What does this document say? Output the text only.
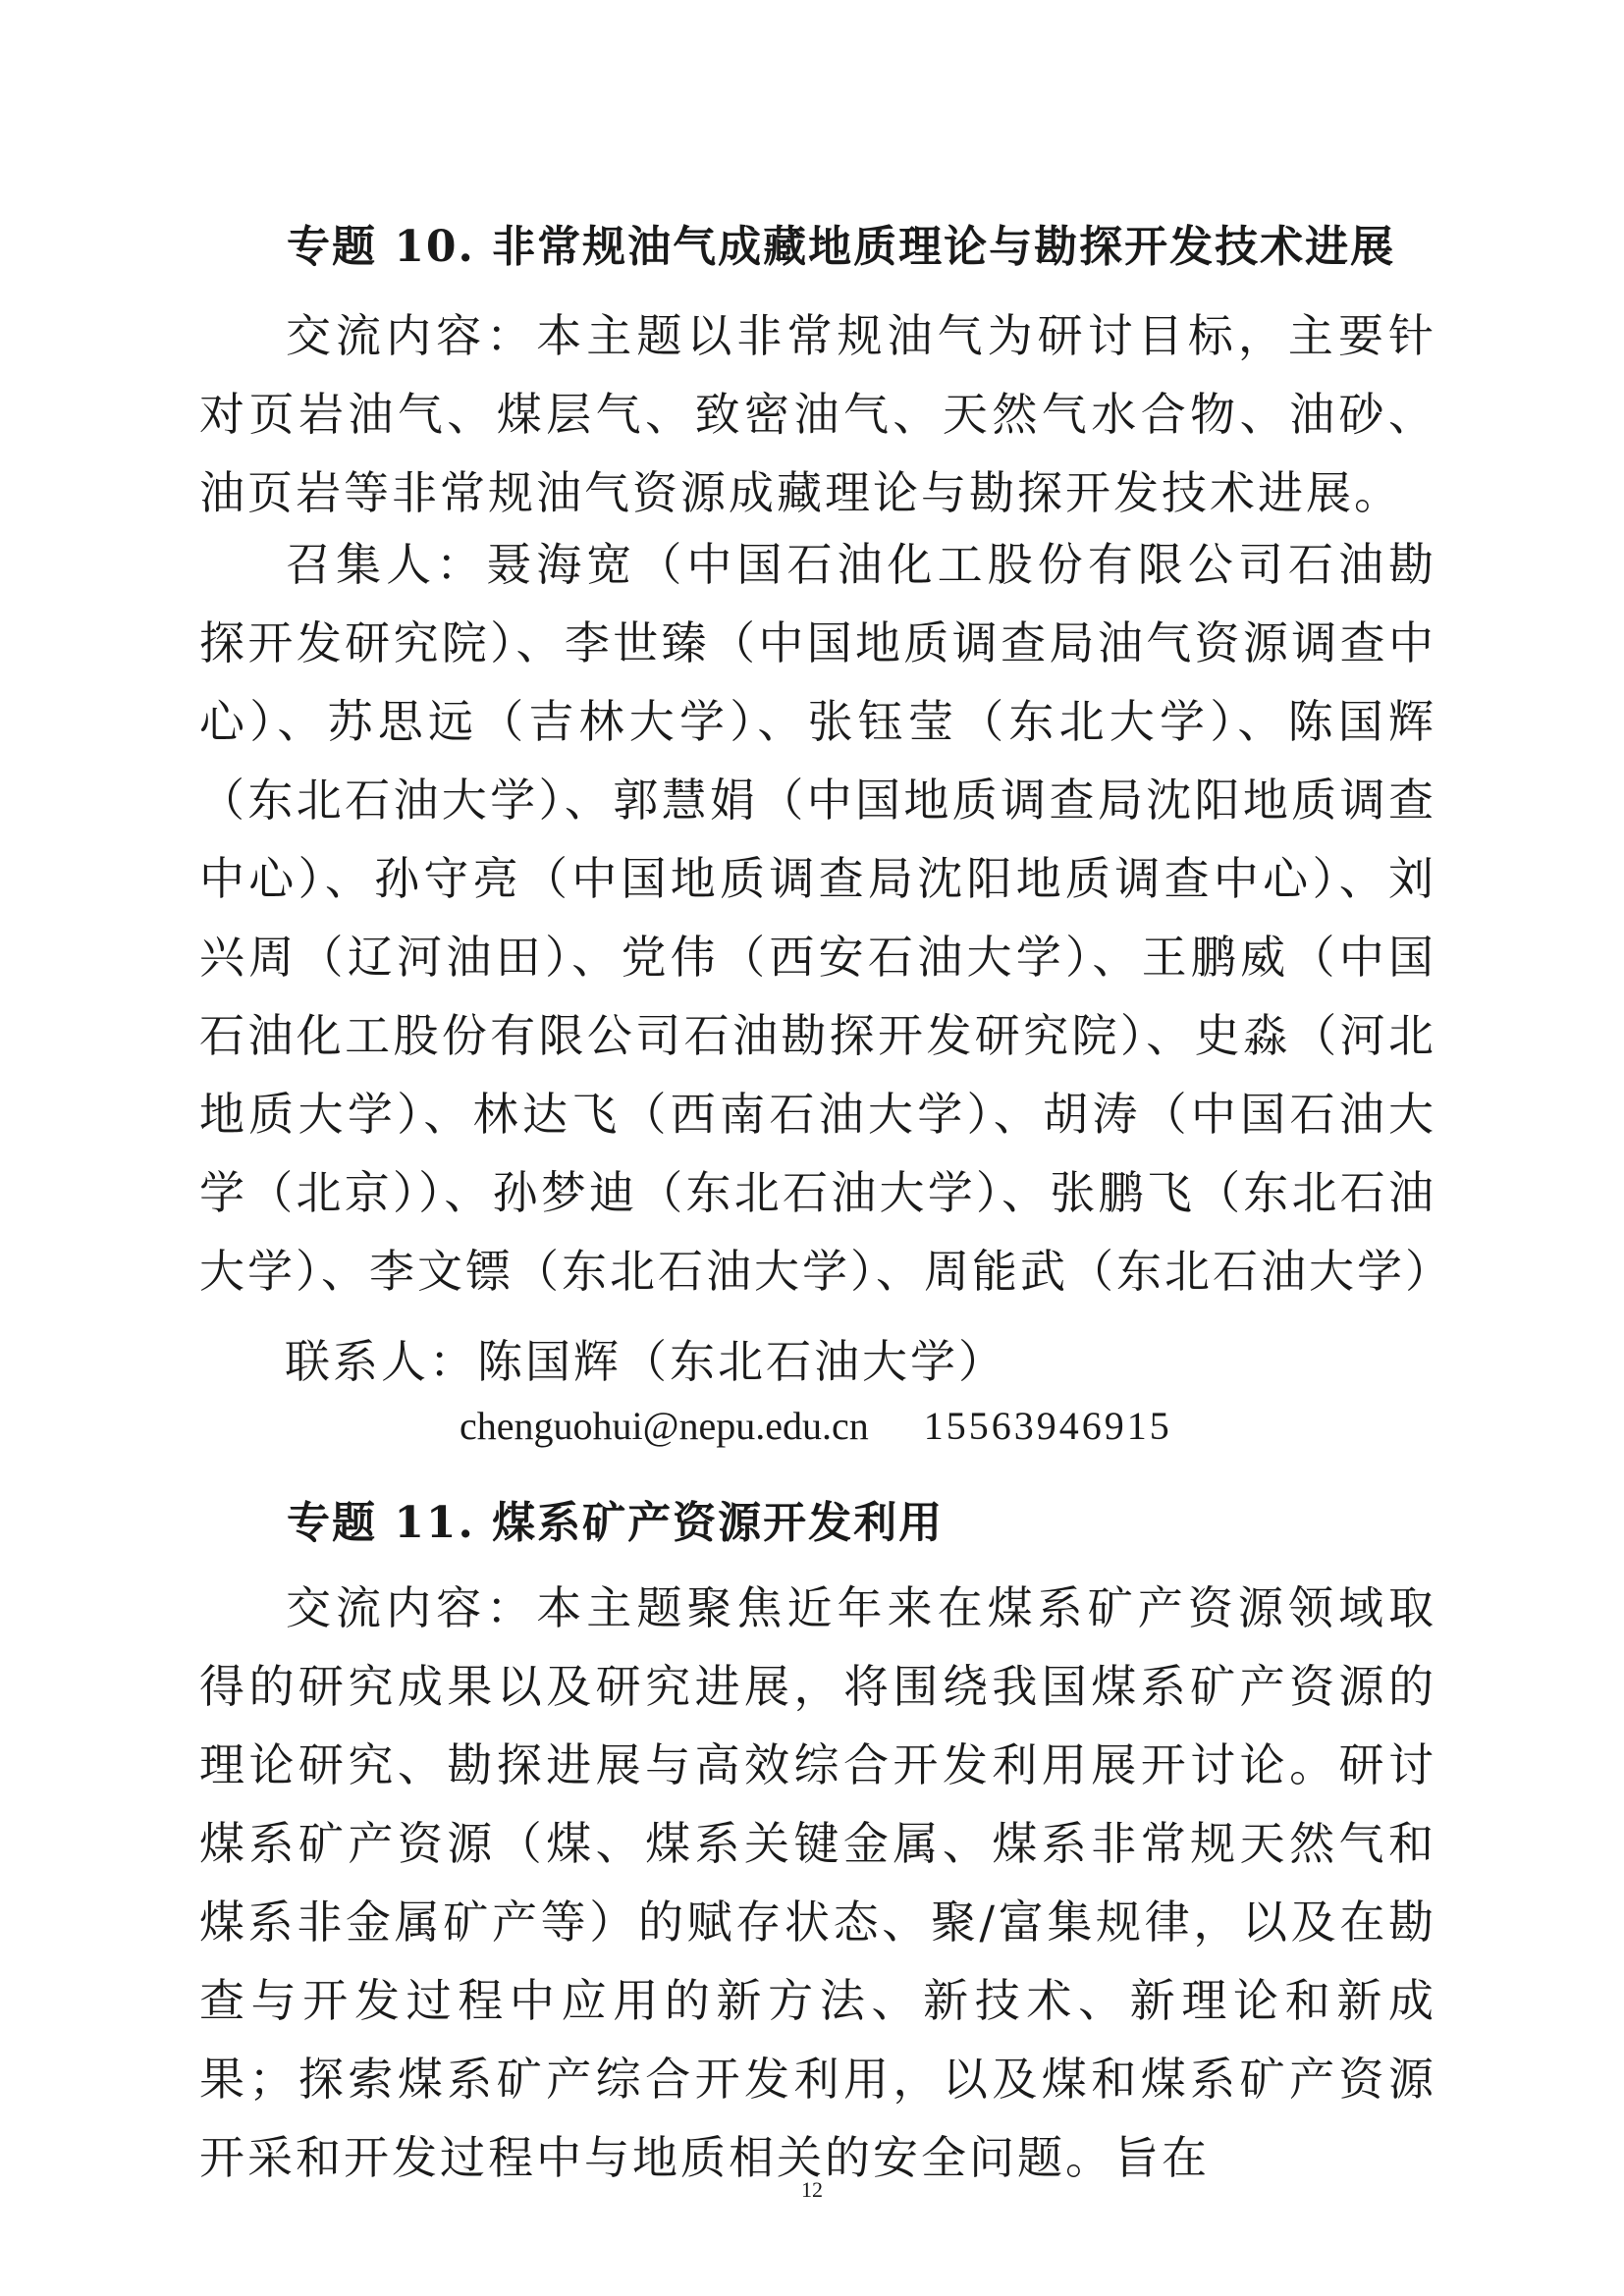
专题 10. 非常规油气成藏地质理论与勘探开发技术进展

交流内容：本主题以非常规油气为研讨目标，主要针对页岩油气、煤层气、致密油气、天然气水合物、油砂、油页岩等非常规油气资源成藏理论与勘探开发技术进展。

召集人：聂海宽（中国石油化工股份有限公司石油勘探开发研究院）、李世臻（中国地质调查局油气资源调查中心）、苏思远（吉林大学）、张钰莹（东北大学）、陈国辉（东北石油大学）、郭慧娟（中国地质调查局沈阳地质调查中心）、孙守亮（中国地质调查局沈阳地质调查中心）、刘兴周（辽河油田）、党伟（西安石油大学）、王鹏威（中国石油化工股份有限公司石油勘探开发研究院）、史淼（河北地质大学）、林达飞（西南石油大学）、胡涛（中国石油大学（北京））、孙梦迪（东北石油大学）、张鹏飞（东北石油大学）、李文镖（东北石油大学）、周能武（东北石油大学）

联系人：陈国辉（东北石油大学）

chenguohui@nepu.edu.cn 15563946915
专题 11. 煤系矿产资源开发利用

交流内容：本主题聚焦近年来在煤系矿产资源领域取得的研究成果以及研究进展，将围绕我国煤系矿产资源的理论研究、勘探进展与高效综合开发利用展开讨论。研讨煤系矿产资源（煤、煤系关键金属、煤系非常规天然气和煤系非金属矿产等）的赋存状态、聚/富集规律，以及在勘查与开发过程中应用的新方法、新技术、新理论和新成果；探索煤系矿产综合开发利用，以及煤和煤系矿产资源开采和开发过程中与地质相关的安全问题。旨在

12
